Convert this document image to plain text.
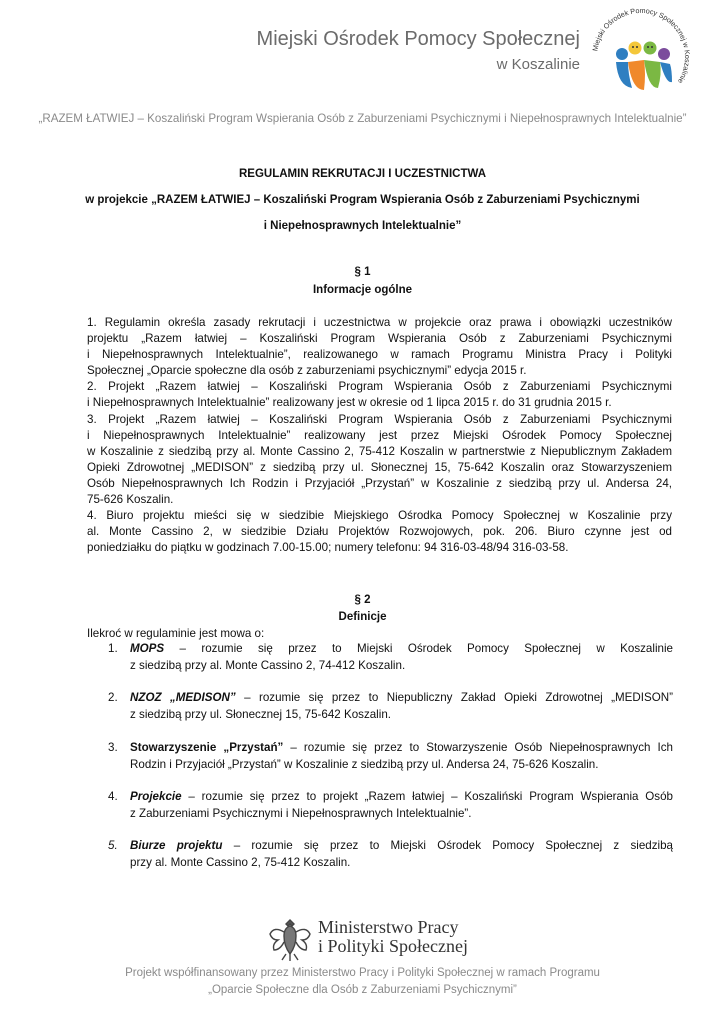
Miejski Ośrodek Pomocy Społecznej
w Koszalinie
Miejski Ośrodek Pomocy Społecznej w Koszalinie
„RAZEM ŁATWIEJ – Koszaliński Program Wspierania Osób z Zaburzeniami Psychicznymi i Niepełnosprawnych Intelektualnie”
REGULAMIN REKRUTACJI I UCZESTNICTWA
w projekcie „RAZEM ŁATWIEJ – Koszaliński Program Wspierania Osób z Zaburzeniami Psychicznymi
i Niepełnosprawnych Intelektualnie”
§ 1
Informacje ogólne
1. Regulamin określa zasady rekrutacji i uczestnictwa w projekcie oraz prawa i obowiązki uczestników
projektu „Razem łatwiej – Koszaliński Program Wspierania Osób z Zaburzeniami Psychicznymi
i Niepełnosprawnych Intelektualnie”, realizowanego w ramach Programu Ministra Pracy i Polityki
Społecznej „Oparcie społeczne dla osób z zaburzeniami psychicznymi” edycja 2015 r.
2. Projekt „Razem łatwiej – Koszaliński Program Wspierania Osób z Zaburzeniami Psychicznymi
i Niepełnosprawnych Intelektualnie” realizowany jest w okresie od 1 lipca 2015 r. do 31 grudnia 2015 r.
3. Projekt „Razem łatwiej – Koszaliński Program Wspierania Osób z Zaburzeniami Psychicznymi
i Niepełnosprawnych Intelektualnie” realizowany jest przez Miejski Ośrodek Pomocy Społecznej
w Koszalinie z siedzibą przy al. Monte Cassino 2, 75-412 Koszalin w partnerstwie z Niepublicznym Zakładem
Opieki Zdrowotnej „MEDISON” z siedzibą przy ul. Słonecznej 15, 75-642 Koszalin oraz Stowarzyszeniem
Osób Niepełnosprawnych Ich Rodzin i Przyjaciół „Przystań” w Koszalinie z siedzibą przy ul. Andersa 24,
75-626 Koszalin.
4. Biuro projektu mieści się w siedzibie Miejskiego Ośrodka Pomocy Społecznej w Koszalinie przy
al. Monte Cassino 2, w siedzibie Działu Projektów Rozwojowych, pok. 206. Biuro czynne jest od
poniedziałku do piątku w godzinach 7.00-15.00; numery telefonu: 94 316-03-48/94 316-03-58.
§ 2
Definicje
Ilekroć w regulaminie jest mowa o:
1. MOPS – rozumie się przez to Miejski Ośrodek Pomocy Społecznej w Koszalinie
z siedzibą przy al. Monte Cassino 2, 74-412 Koszalin.
2. NZOZ „MEDISON” – rozumie się przez to Niepubliczny Zakład Opieki Zdrowotnej „MEDISON”
z siedzibą przy ul. Słonecznej 15, 75-642 Koszalin.
3. Stowarzyszenie „Przystań” – rozumie się przez to Stowarzyszenie Osób Niepełnosprawnych Ich
Rodzin i Przyjaciół „Przystań” w Koszalinie z siedzibą przy ul. Andersa 24, 75-626 Koszalin.
4. Projekcie – rozumie się przez to projekt „Razem łatwiej – Koszaliński Program Wspierania Osób
z Zaburzeniami Psychicznymi i Niepełnosprawnych Intelektualnie”.
5. Biurze projektu – rozumie się przez to Miejski Ośrodek Pomocy Społecznej z siedzibą
przy al. Monte Cassino 2, 75-412 Koszalin.
Ministerstwo Pracy
i Polityki Społecznej
Projekt współfinansowany przez Ministerstwo Pracy i Polityki Społecznej w ramach Programu
„Oparcie Społeczne dla Osób z Zaburzeniami Psychicznymi”
